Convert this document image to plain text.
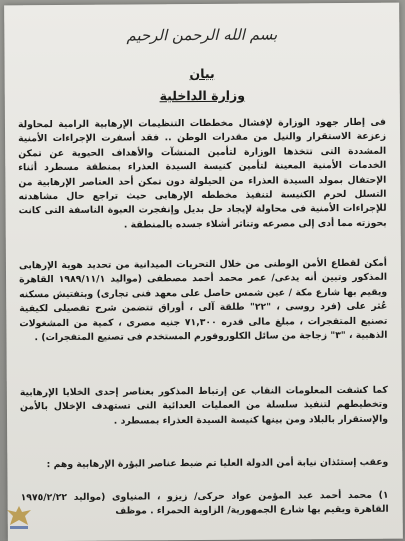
بسم الله الرحمن الرحيم
بيان
وزارة الداخلية
فى إطار جهود الوزارة لإفشال مخططات التنظيمات الإرهابية الرامية لمحاولة زعزعة الاستقرار والنيل من مقدرات الوطن .. فقد أسفرت الإجراءات الأمنية المشددة التى تتخذها الوزارة لتأمين المنشآت والأهداف الحيوية عن تمكن الخدمات الأمنية المعينة لتأمين كنيسة السيدة العذراء بمنطقة مسطرد أثناء الإحتفال بمولد السيدة العذراء من الحيلولة دون تمكن أحد العناصر الإرهابية من التسلل لحرم الكنيسة لتنفيذ مخططه الإرهابى حيث تراجع حال مشاهدته للإجراءات الأمنية فى محاولة لإيجاد حل بديل وإنفجرت العبوة الناسفة التى كانت بحوزته مما أدى إلى مصرعه وتناثر أشلاء جسده بالمنطقة .
أمكن لقطاع الأمن الوطنى من خلال التحريات الميدانية من تحديد هوية الإرهابى المذكور وتبين أنه يدعى/ عمر محمد أحمد مصطفى (مواليد ١٩٨٩/١١/١ القاهرة ويقيم بها شارع مكة / عين شمس حاصل على معهد فنى تجارى) وبتفتيش مسكنه عُثر على (فرد روسى ، "٢٢" طلقة آلى ، أوراق تتضمن شرح تفصيلى لكيفية تصنيع المتفجرات ، مبلغ مالى قدره ٧١,٣٠٠ جنيه مصرى ، كمية من المشغولات الذهبية ، "٣" زجاجة من سائل الكلوروفورم المستخدم فى تصنيع المتفجرات) .
كما كشفت المعلومات النقاب عن إرتباط المذكور بعناصر إحدى الخلايا الإرهابية وتخطيطهم لتنفيذ سلسلة من العمليات العدائية التى تستهدف الإخلال بالأمن والإستقرار بالبلاد ومن بينها كنيسة السيدة العذراء بمسطرد .
وعقب إستئذان نيابة أمن الدولة العليا تم ضبط عناصر البؤرة الإرهابية وهم :
١) محمد أحمد عبد المؤمن عواد حركى/ زيزو ، المنياوى (مواليد ١٩٧٥/٢/٢٢ القاهرة ويقيم بها شارع الجمهورية/ الزاوية الحمراء . موظف
